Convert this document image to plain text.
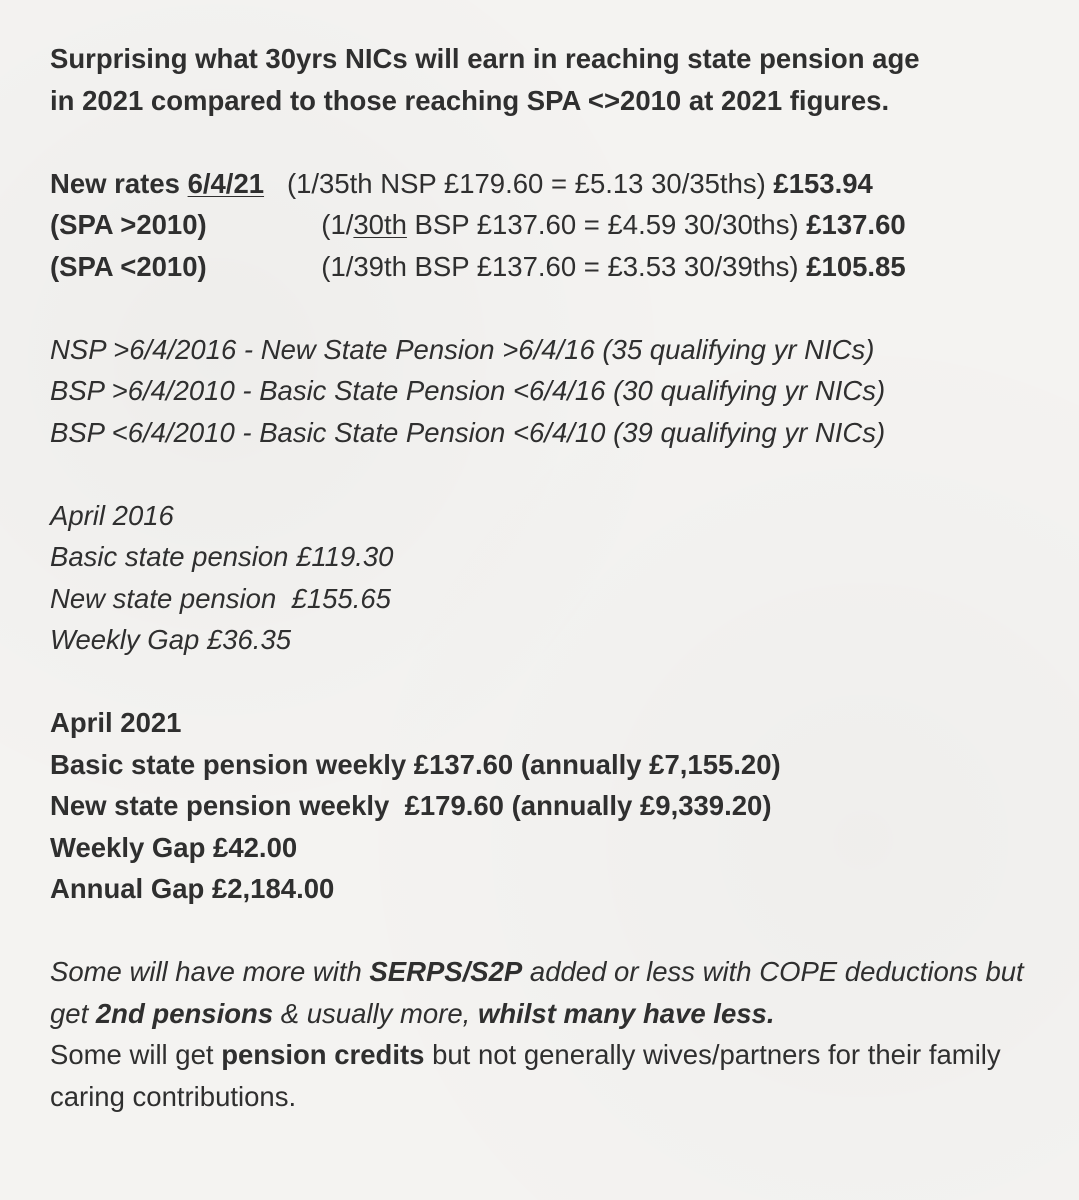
Surprising what 30yrs NICs will earn in reaching state pension age
in 2021 compared to those reaching SPA <>2010 at 2021 figures.
New rates 6/4/21   (1/35th NSP £179.60 = £5.13 30/35ths) £153.94
(SPA >2010)               (1/30th BSP £137.60 = £4.59 30/30ths) £137.60
(SPA <2010)               (1/39th BSP £137.60 = £3.53 30/39ths) £105.85
NSP >6/4/2016 - New State Pension >6/4/16 (35 qualifying yr NICs)
BSP >6/4/2010 - Basic State Pension <6/4/16 (30 qualifying yr NICs)
BSP <6/4/2010 - Basic State Pension <6/4/10 (39 qualifying yr NICs)
April 2016
Basic state pension £119.30
New state pension  £155.65
Weekly Gap £36.35
April 2021
Basic state pension weekly £137.60 (annually £7,155.20)
New state pension weekly  £179.60 (annually £9,339.20)
Weekly Gap £42.00
Annual Gap £2,184.00
Some will have more with SERPS/S2P added or less with COPE deductions but get 2nd pensions & usually more, whilst many have less.
Some will get pension credits but not generally wives/partners for their family caring contributions.
